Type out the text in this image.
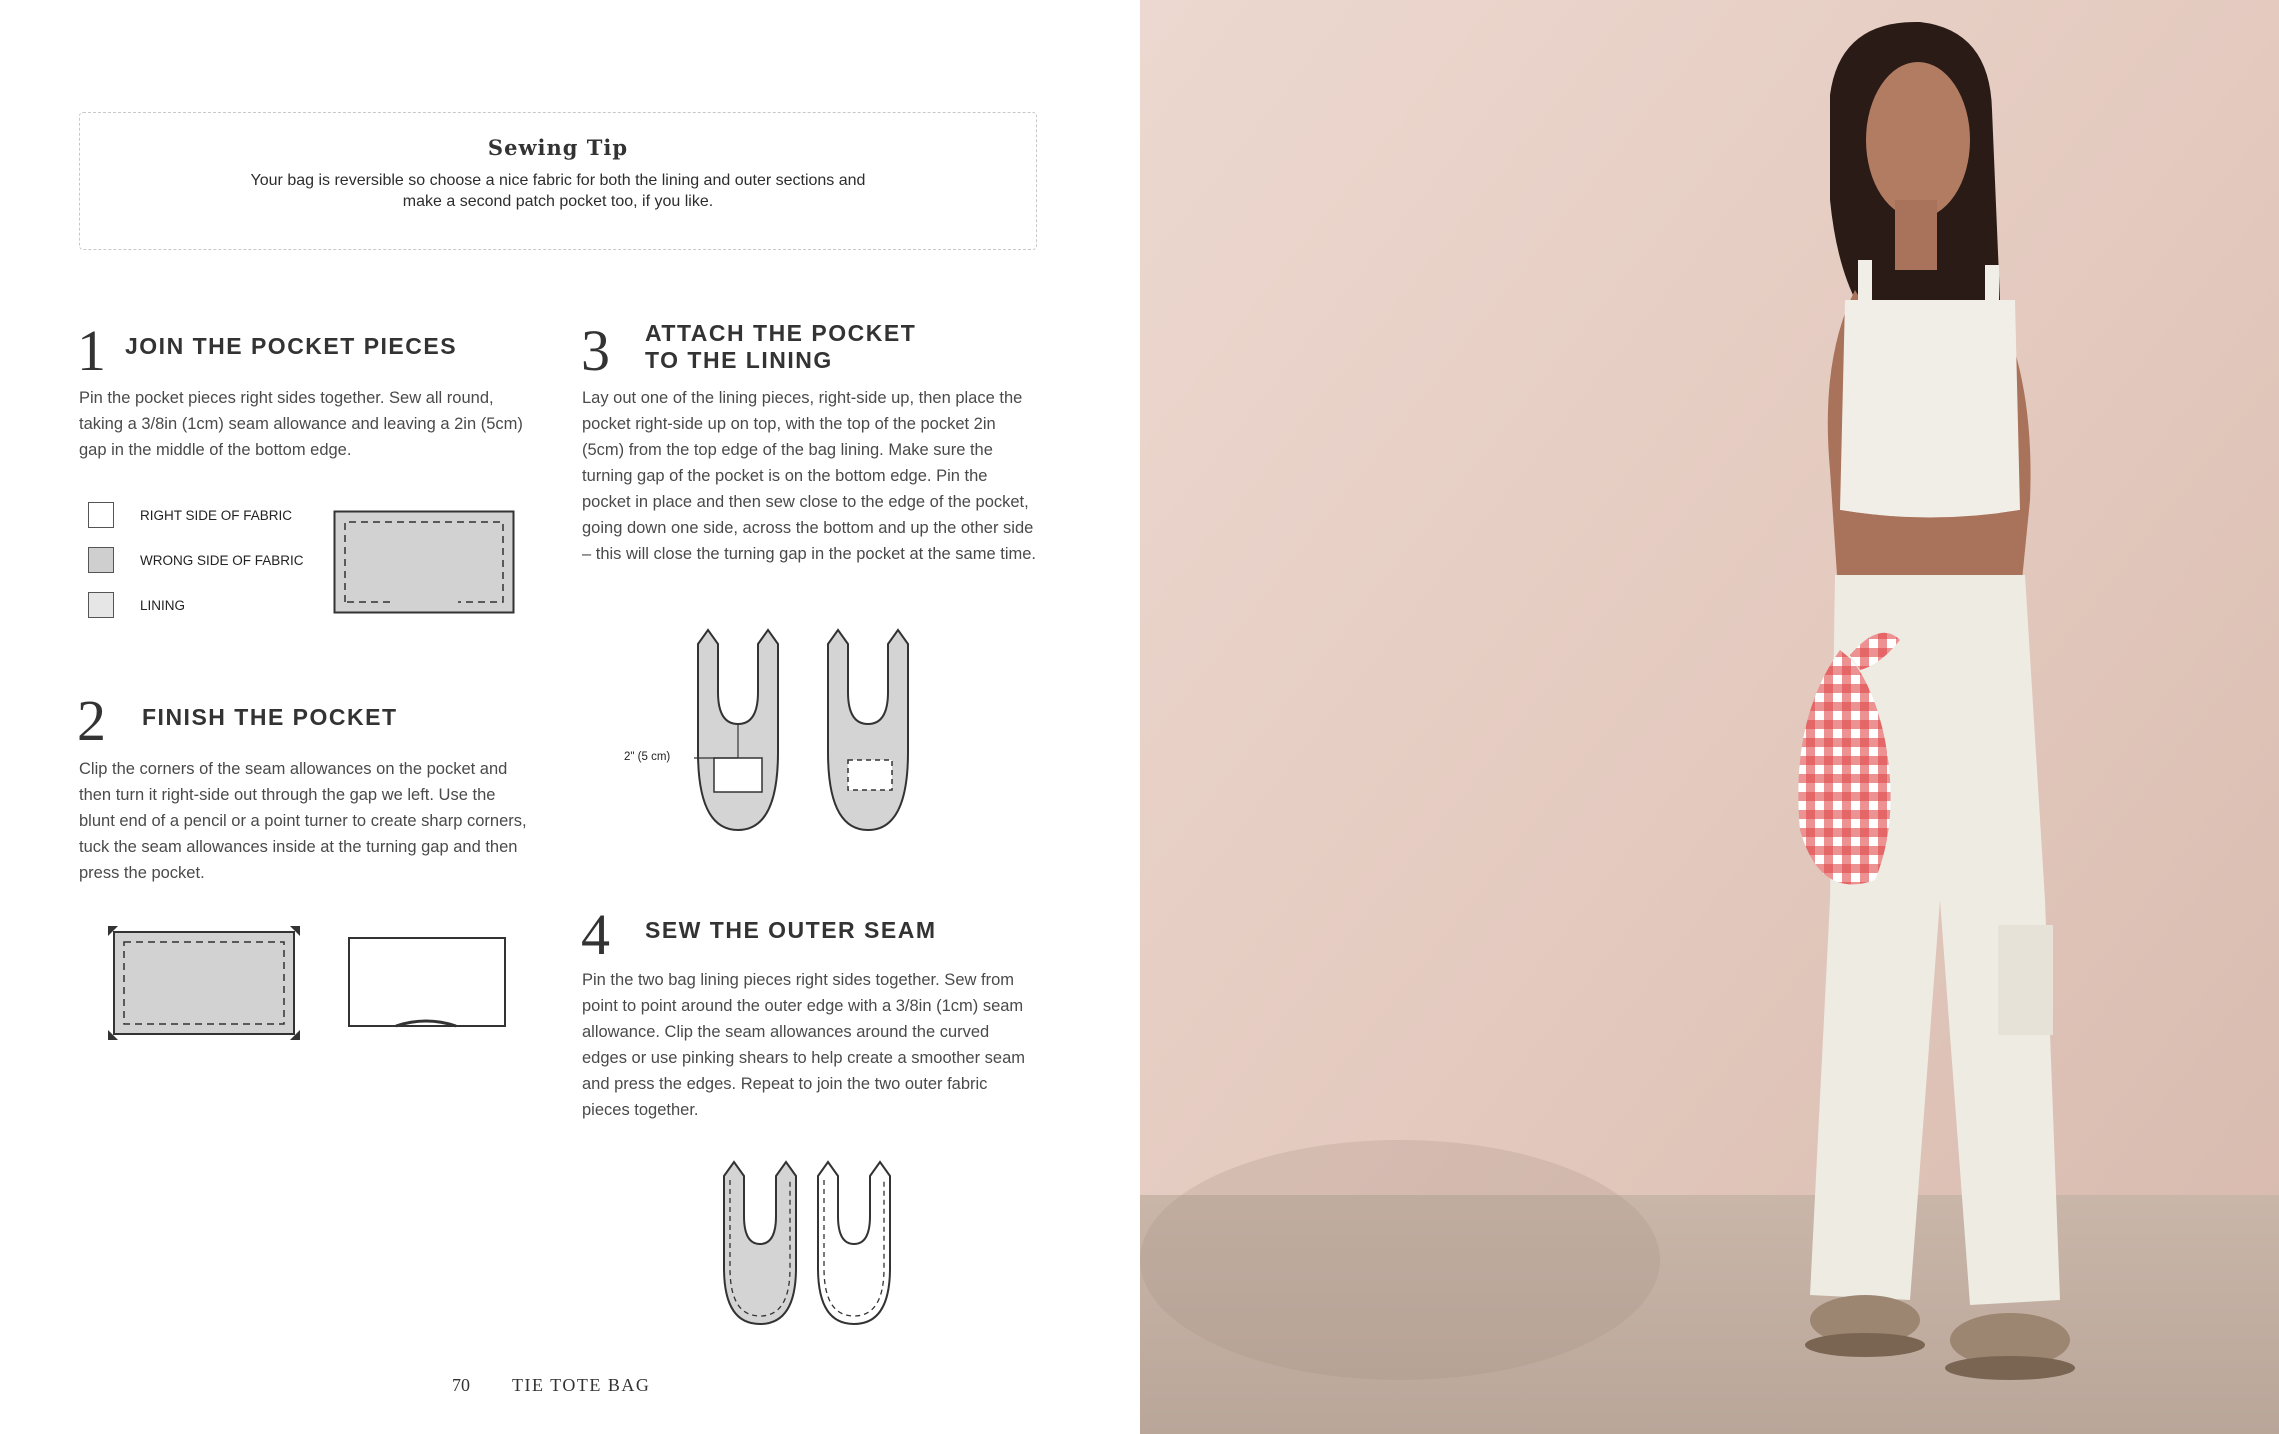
Sewing Tip
Your bag is reversible so choose a nice fabric for both the lining and outer sections and make a second patch pocket too, if you like.
1 JOIN THE POCKET PIECES
Pin the pocket pieces right sides together. Sew all round, taking a 3/8in (1cm) seam allowance and leaving a 2in (5cm) gap in the middle of the bottom edge.
RIGHT SIDE OF FABRIC
WRONG SIDE OF FABRIC
LINING
2 FINISH THE POCKET
Clip the corners of the seam allowances on the pocket and then turn it right-side out through the gap we left. Use the blunt end of a pencil or a point turner to create sharp corners, tuck the seam allowances inside at the turning gap and then press the pocket.
3 ATTACH THE POCKET
TO THE LINING
Lay out one of the lining pieces, right-side up, then place the pocket right-side up on top, with the top of the pocket 2in (5cm) from the top edge of the bag lining. Make sure the turning gap of the pocket is on the bottom edge. Pin the pocket in place and then sew close to the edge of the pocket, going down one side, across the bottom and up the other side – this will close the turning gap in the pocket at the same time.
2" (5 cm)
4 SEW THE OUTER SEAM
Pin the two bag lining pieces right sides together. Sew from point to point around the outer edge with a 3/8in (1cm) seam allowance. Clip the seam allowances around the curved edges or use pinking shears to help create a smoother seam and press the edges. Repeat to join the two outer fabric pieces together.
70 TIE TOTE BAG
